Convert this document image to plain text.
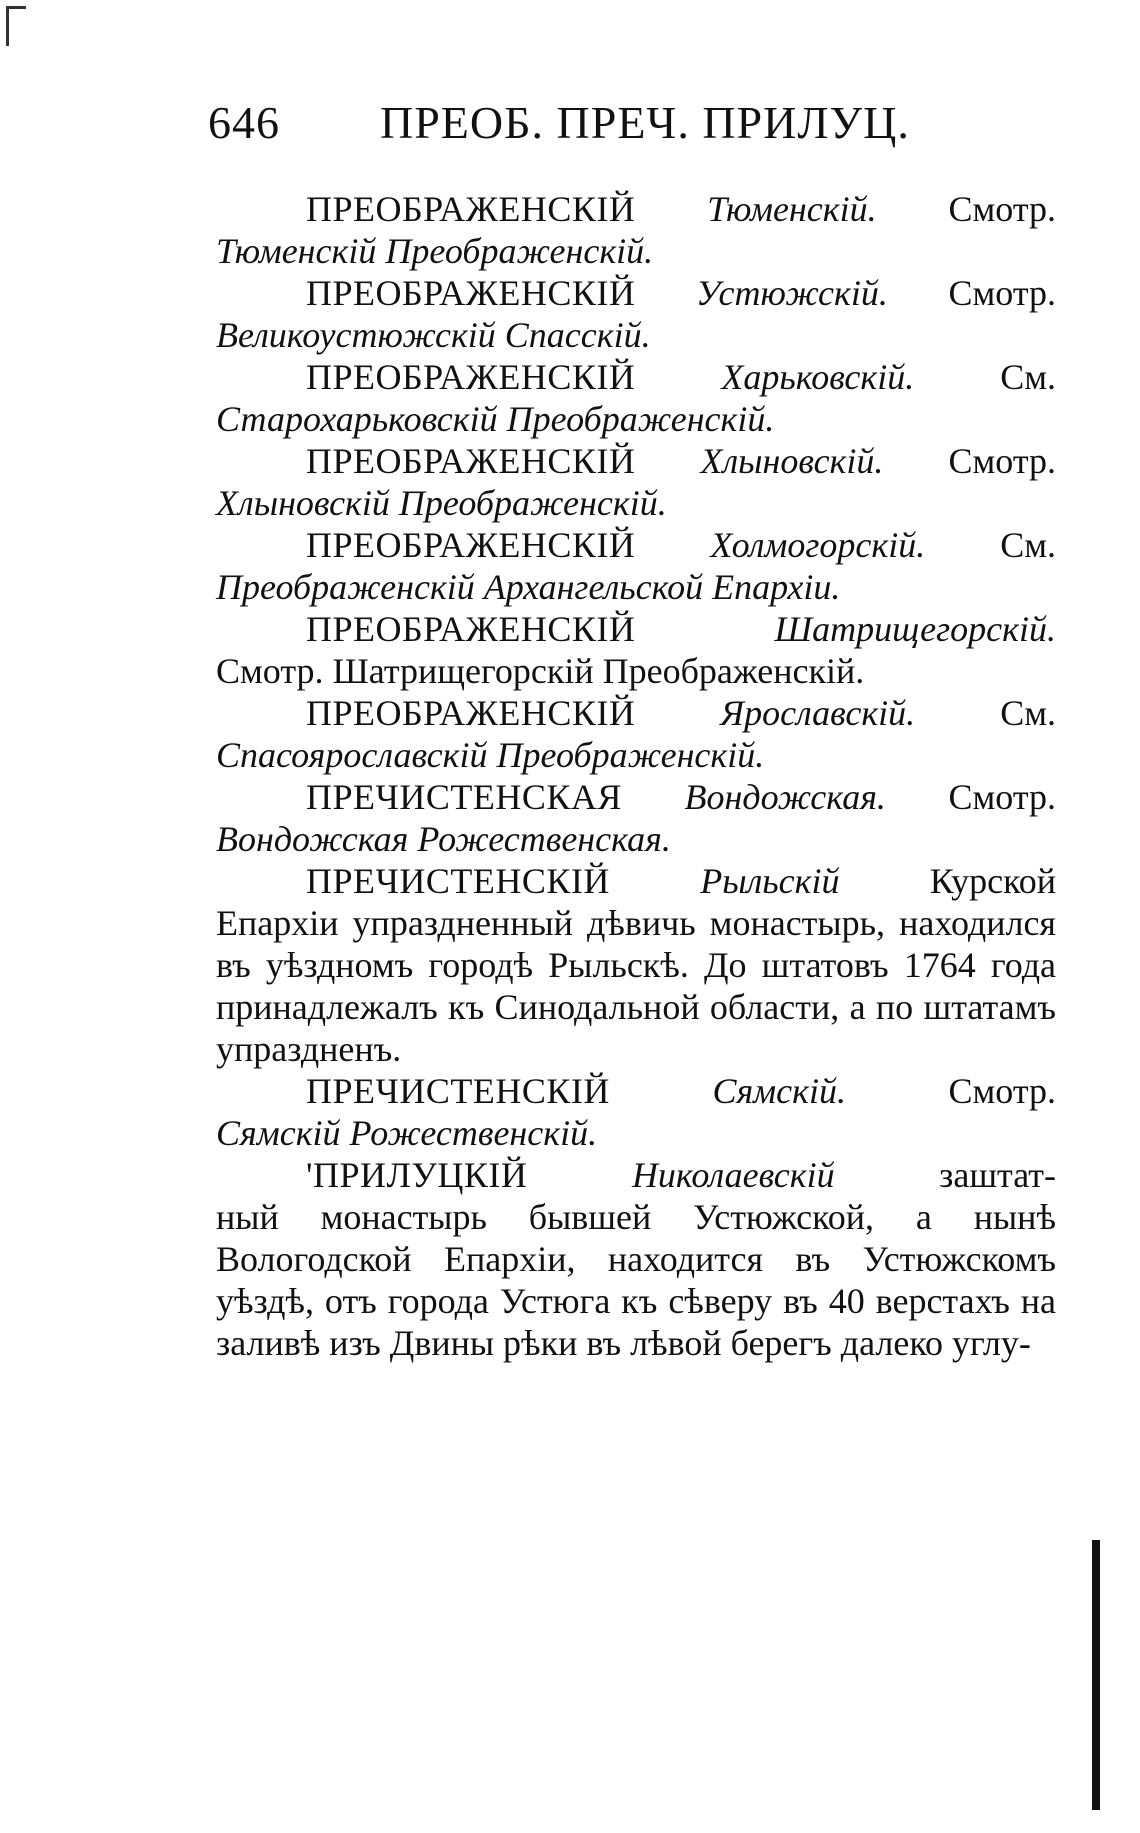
646 ПРЕОБ. ПРЕЧ. ПРИЛУЦ.
ПРЕОБРАЖЕНСКІЙ Тюменскій. Смотр.
Тюменскій Преображенскій.
ПРЕОБРАЖЕНСКІЙ Устюжскій. Смотр.
Великоустюжскій Спасскій.
ПРЕОБРАЖЕНСКІЙ Харьковскій. См.
Старохарьковскій Преображенскій.
ПРЕОБРАЖЕНСКІЙ Хлыновскій. Смотр.
Хлыновскій Преображенскій.
ПРЕОБРАЖЕНСКІЙ Холмогорскій. См.
Преображенскій Архангельской Епархіи.
ПРЕОБРАЖЕНСКІЙ	Шатрищегорскій.
Смотр. Шатрищегорскій Преображенскій.
ПРЕОБРАЖЕНСКІЙ Ярославскій. См.
Спасоярославскій Преображенскій.
ПРЕЧИСТЕНСКАЯ Вондожская. Смотр.
Вондожская Рожественская.
ПРЕЧИСТЕНСКІЙ	Рыльскій	Курской
Епархіи упраздненный дѣвичь монастырь, находился въ уѣздномъ городѣ Рыльскѣ. До штатовъ 1764 года принадлежалъ къ Синодальной области, а по штатамъ упраздненъ.
ПРЕЧИСТЕНСКІЙ	Сямскій.	Смотр.
Сямскій Рожественскій.
'ПРИЛУЦКІЙ	Николаевскій	заштат-
ный монастырь бывшей Устюжской, а нынѣ Вологодской Епархіи, находится въ Устюжскомъ уѣздѣ, отъ города Устюга къ сѣверу въ 40 верстахъ на заливѣ изъ Двины рѣки въ лѣвой берегъ далеко углу-
